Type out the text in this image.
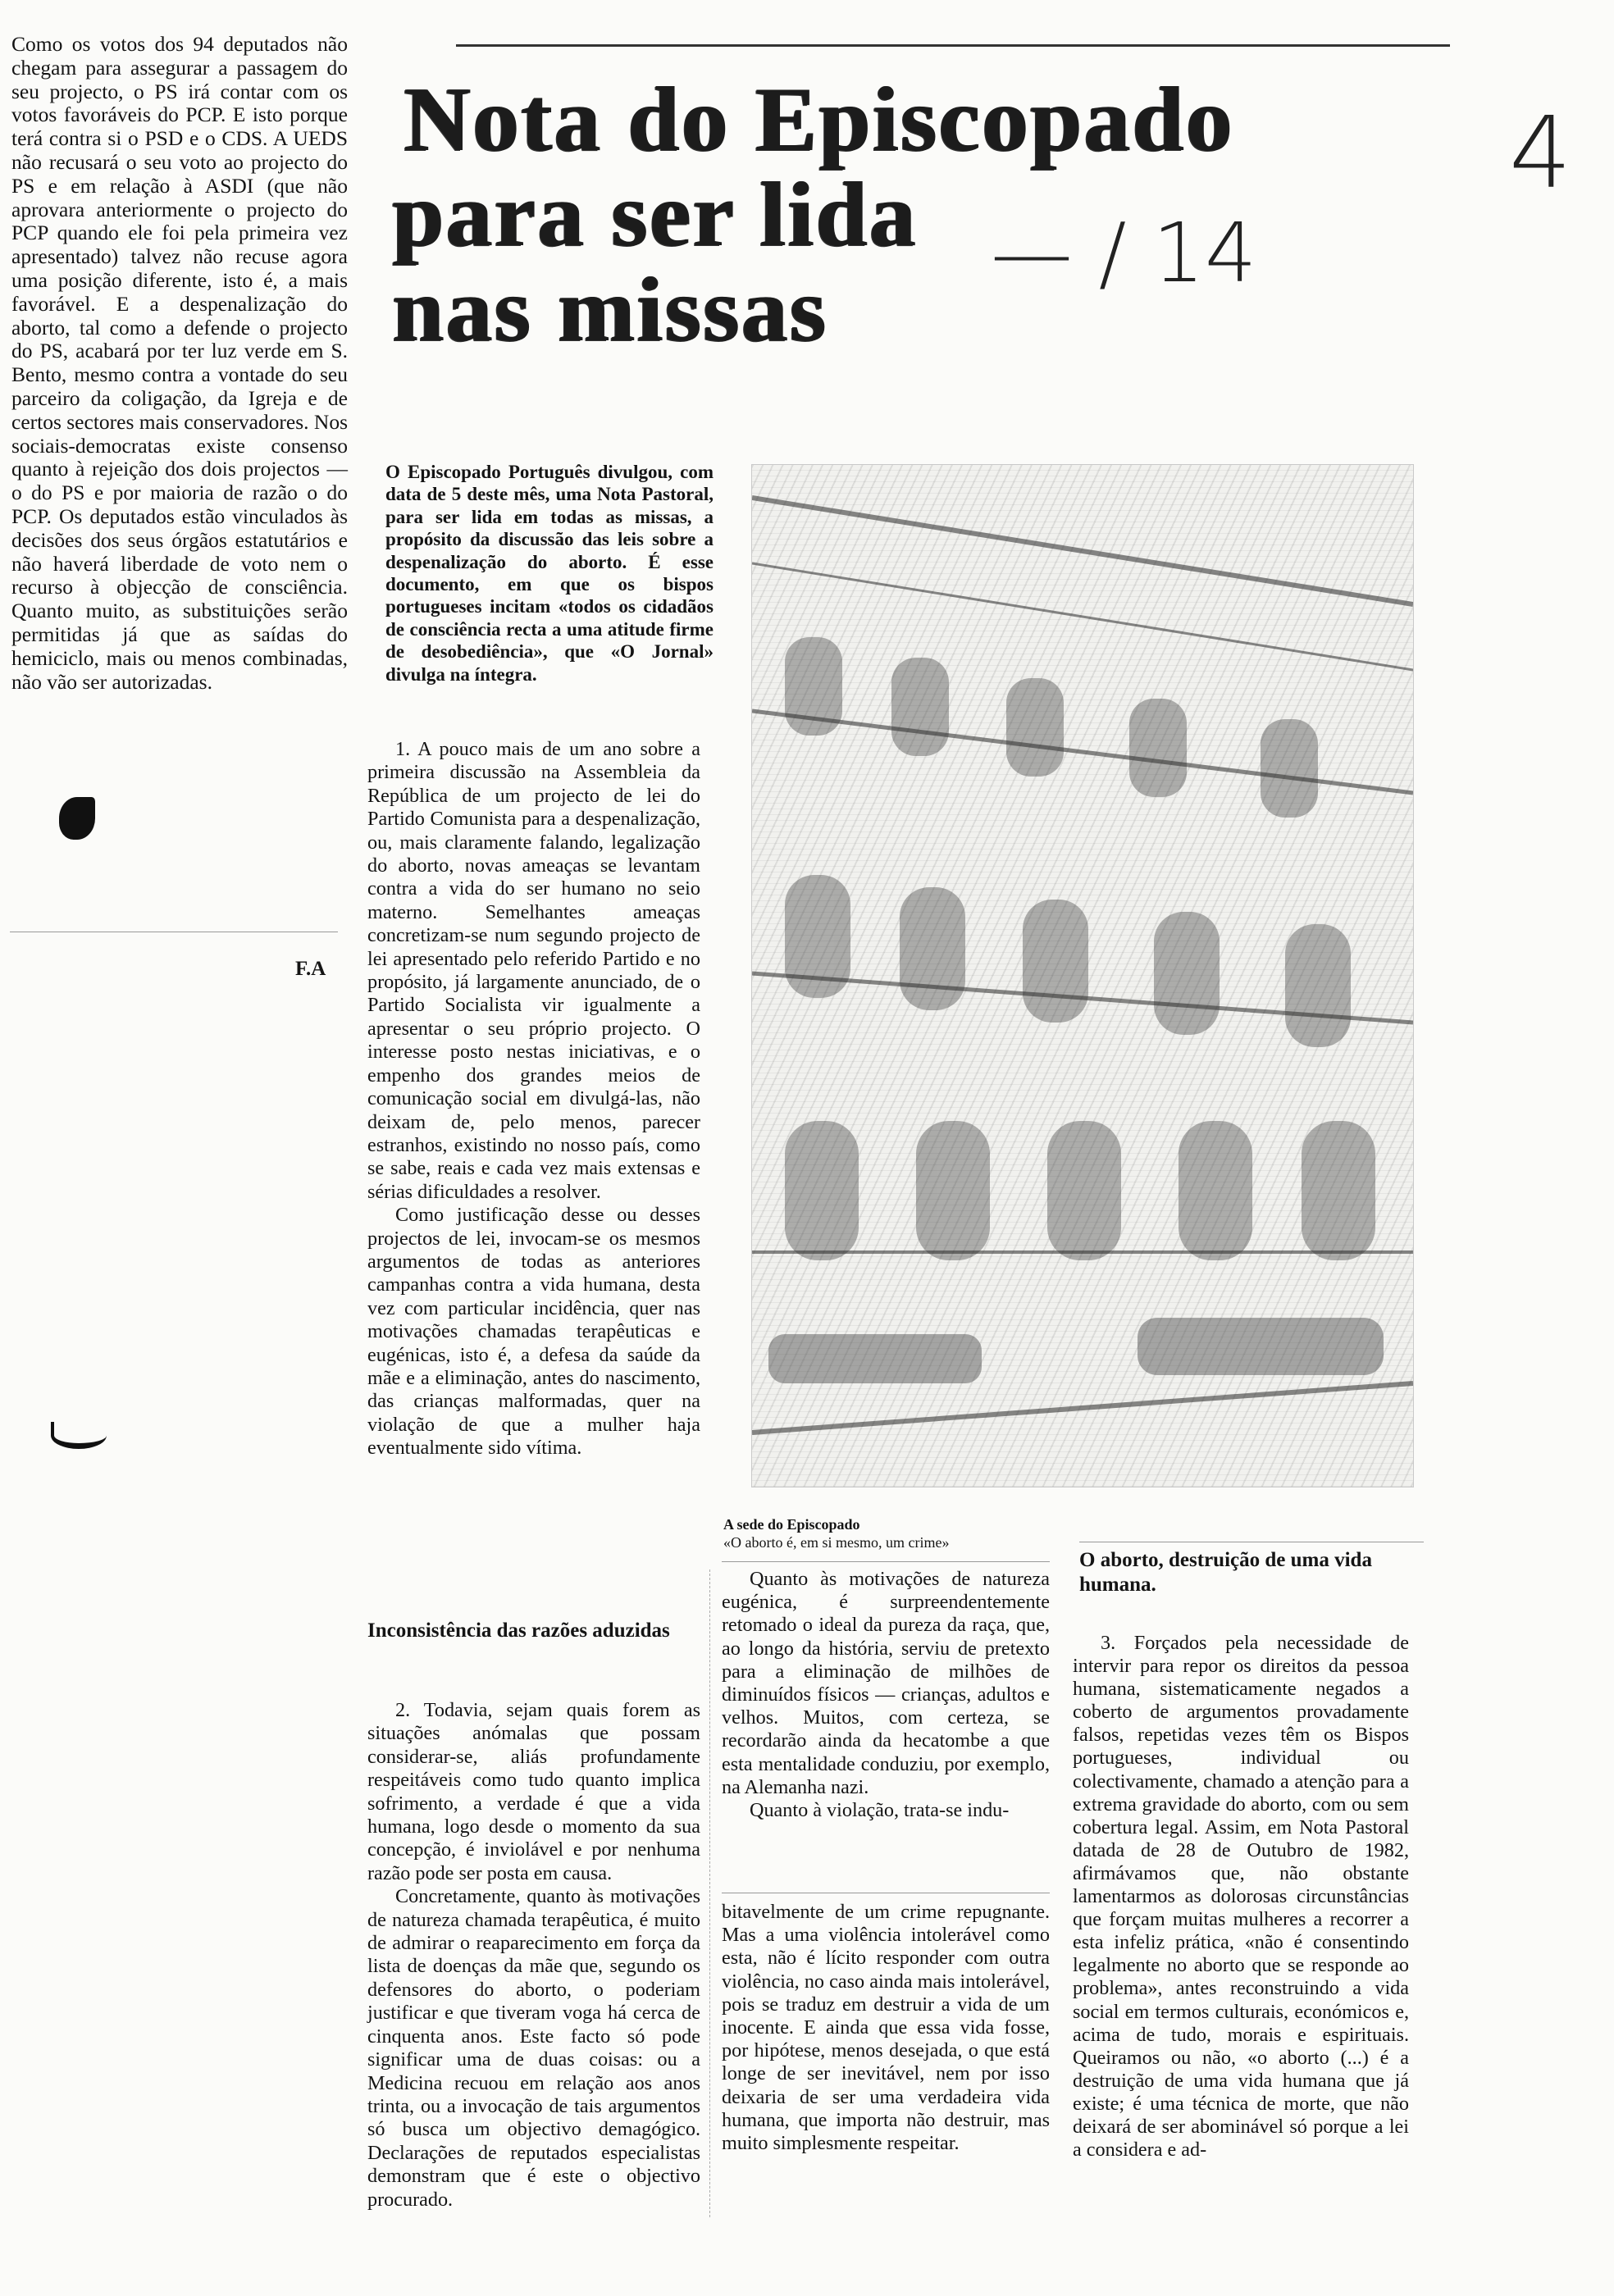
Como os votos dos 94 deputados não chegam para assegurar a passagem do seu projecto, o PS irá contar com os votos favoráveis do PCP. E isto porque terá contra si o PSD e o CDS. A UEDS não recusará o seu voto ao projecto do PS e em relação à ASDI (que não aprovara anteriormente o projecto do PCP quando ele foi pela primeira vez apresentado) talvez não recuse agora uma posição diferente, isto é, a mais favorável. E a despenalização do aborto, tal como a defende o projecto do PS, acabará por ter luz verde em S. Bento, mesmo contra a vontade do seu parceiro da coligação, da Igreja e de certos sectores mais conservadores. Nos sociais-democratas existe consenso quanto à rejeição dos dois projectos — o do PS e por maioria de razão o do PCP. Os deputados estão vinculados às decisões dos seus órgãos estatutários e não haverá liberdade de voto nem o recurso à objecção de consciência. Quanto muito, as substituições serão permitidas já que as saídas do hemiciclo, mais ou menos combinadas, não vão ser autorizadas.

F.A
Nota do Episcopado
para ser lida
nas missas
4
— / 14

O Episcopado Português divulgou, com data de 5 deste mês, uma Nota Pastoral, para ser lida em todas as missas, a propósito da discussão das leis sobre a despenalização do aborto. É esse documento, em que os bispos portugueses incitam «todos os cidadãos de consciência recta a uma atitude firme de desobediência», que «O Jornal» divulga na íntegra.

1. A pouco mais de um ano sobre a primeira discussão na Assembleia da República de um projecto de lei do Partido Comunista para a despenalização, ou, mais claramente falando, legalização do aborto, novas ameaças se levantam contra a vida do ser humano no seio materno. Semelhantes ameaças concretizam-se num segundo projecto de lei apresentado pelo referido Partido e no propósito, já largamente anunciado, de o Partido Socialista vir igualmente a apresentar o seu próprio projecto. O interesse posto nestas iniciativas, e o empenho dos grandes meios de comunicação social em divulgá-las, não deixam de, pelo menos, parecer estranhos, existindo no nosso país, como se sabe, reais e cada vez mais extensas e sérias dificuldades a resolver.

Como justificação desse ou desses projectos de lei, invocam-se os mesmos argumentos de todas as anteriores campanhas contra a vida humana, desta vez com particular incidência, quer nas motivações chamadas terapêuticas e eugénicas, isto é, a defesa da saúde da mãe e a eliminação, antes do nascimento, das crianças malformadas, quer na violação de que a mulher haja eventualmente sido vítima.

Inconsistência das razões aduzidas

2. Todavia, sejam quais forem as situações anómalas que possam considerar-se, aliás profundamente respeitáveis como tudo quanto implica sofrimento, a verdade é que a vida humana, logo desde o momento da sua concepção, é inviolável e por nenhuma razão pode ser posta em causa.

Concretamente, quanto às motivações de natureza chamada terapêutica, é muito de admirar o reaparecimento em força da lista de doenças da mãe que, segundo os defensores do aborto, o poderiam justificar e que tiveram voga há cerca de cinquenta anos. Este facto só pode significar uma de duas coisas: ou a Medicina recuou em relação aos anos trinta, ou a invocação de tais argumentos só busca um objectivo demagógico. Declarações de reputados especialistas demonstram que é este o objectivo procurado.

A sede do Episcopado
«O aborto é, em si mesmo, um crime»

Quanto às motivações de natureza eugénica, é surpreendentemente retomado o ideal da pureza da raça, que, ao longo da história, serviu de pretexto para a eliminação de milhões de diminuídos físicos — crianças, adultos e velhos. Muitos, com certeza, se recordarão ainda da hecatombe a que esta mentalidade conduziu, por exemplo, na Alemanha nazi.

Quanto à violação, trata-se indu-

bitavelmente de um crime repugnante. Mas a uma violência intolerável como esta, não é lícito responder com outra violência, no caso ainda mais intolerável, pois se traduz em destruir a vida de um inocente. E ainda que essa vida fosse, por hipótese, menos desejada, o que está longe de ser inevitável, nem por isso deixaria de ser uma verdadeira vida humana, que importa não destruir, mas muito simplesmente respeitar.

O aborto, destruição de uma vida humana.

3. Forçados pela necessidade de intervir para repor os direitos da pessoa humana, sistematicamente negados a coberto de argumentos provadamente falsos, repetidas vezes têm os Bispos portugueses, individual ou colectivamente, chamado a atenção para a extrema gravidade do aborto, com ou sem cobertura legal. Assim, em Nota Pastoral datada de 28 de Outubro de 1982, afirmávamos que, não obstante lamentarmos as dolorosas circunstâncias que forçam muitas mulheres a recorrer a esta infeliz prática, «não é consentindo legalmente no aborto que se responde ao problema», antes reconstruindo a vida social em termos culturais, económicos e, acima de tudo, morais e espirituais. Queiramos ou não, «o aborto (...) é a destruição de uma vida humana que já existe; é uma técnica de morte, que não deixará de ser abominável só porque a lei a considera e ad-
